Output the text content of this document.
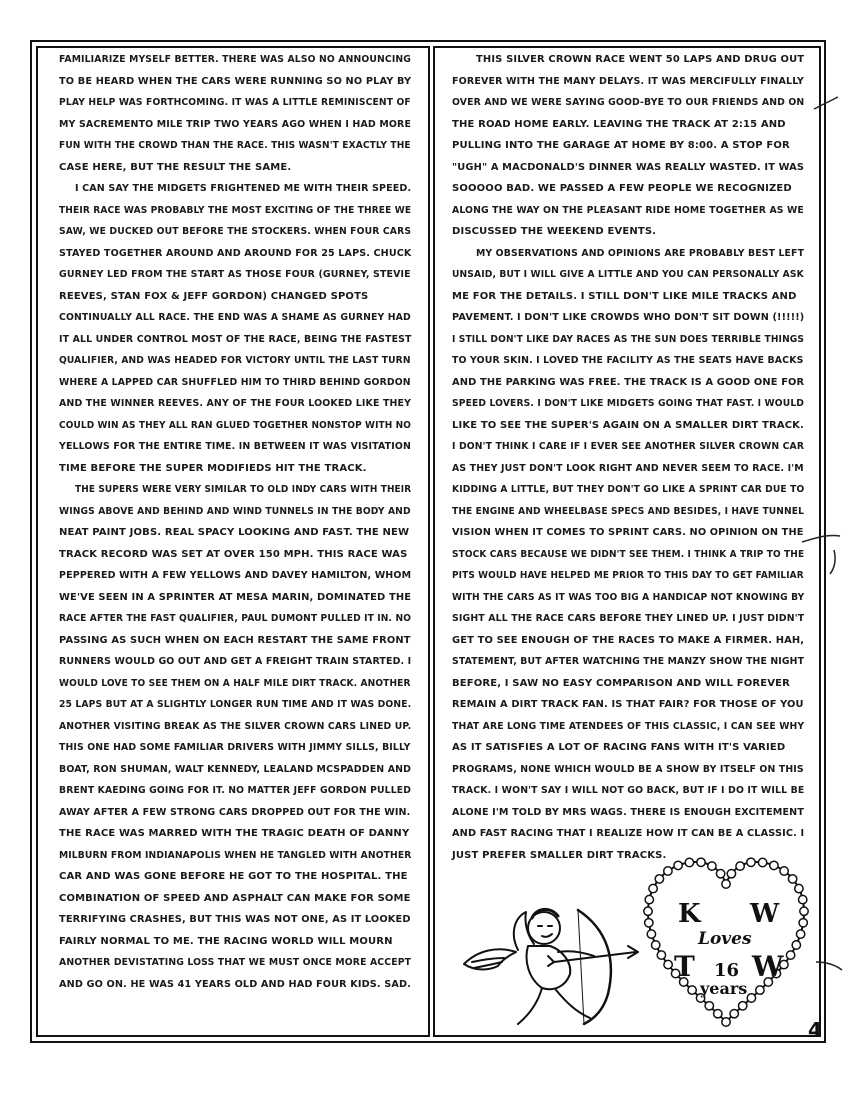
FAMILIARIZE MYSELF BETTER. THERE WAS ALSO NO ANNOUNCING
TO BE HEARD WHEN THE CARS WERE RUNNING SO NO PLAY BY
PLAY HELP WAS FORTHCOMING. IT WAS A LITTLE REMINISCENT OF
MY SACREMENTO MILE TRIP TWO YEARS AGO WHEN I HAD MORE
FUN WITH THE CROWD THAN THE RACE. THIS WASN'T EXACTLY THE
CASE HERE, BUT THE RESULT THE SAME.
I CAN SAY THE MIDGETS FRIGHTENED ME WITH THEIR SPEED.
THEIR RACE WAS PROBABLY THE MOST EXCITING OF THE THREE WE
SAW, WE DUCKED OUT BEFORE THE STOCKERS. WHEN FOUR CARS
STAYED TOGETHER AROUND AND AROUND FOR 25 LAPS. CHUCK
GURNEY LED FROM THE START AS THOSE FOUR (GURNEY, STEVIE
REEVES, STAN FOX & JEFF GORDON) CHANGED SPOTS
CONTINUALLY ALL RACE. THE END WAS A SHAME AS GURNEY HAD
IT ALL UNDER CONTROL MOST OF THE RACE, BEING THE FASTEST
QUALIFIER, AND WAS HEADED FOR VICTORY UNTIL THE LAST TURN
WHERE A LAPPED CAR SHUFFLED HIM TO THIRD BEHIND GORDON
AND THE WINNER REEVES. ANY OF THE FOUR LOOKED LIKE THEY
COULD WIN AS THEY ALL RAN GLUED TOGETHER NONSTOP WITH NO
YELLOWS FOR THE ENTIRE TIME. IN BETWEEN IT WAS VISITATION
TIME BEFORE THE SUPER MODIFIEDS HIT THE TRACK.
THE SUPERS WERE VERY SIMILAR TO OLD INDY CARS WITH THEIR
WINGS ABOVE AND BEHIND AND WIND TUNNELS IN THE BODY AND
NEAT PAINT JOBS. REAL SPACY LOOKING AND FAST. THE NEW
TRACK RECORD WAS SET AT OVER 150 MPH. THIS RACE WAS
PEPPERED WITH A FEW YELLOWS AND DAVEY HAMILTON, WHOM
WE'VE SEEN IN A SPRINTER AT MESA MARIN, DOMINATED THE
RACE AFTER THE FAST QUALIFIER, PAUL DUMONT PULLED IT IN. NO
PASSING AS SUCH WHEN ON EACH RESTART THE SAME FRONT
RUNNERS WOULD GO OUT AND GET A FREIGHT TRAIN STARTED. I
WOULD LOVE TO SEE THEM ON A HALF MILE DIRT TRACK. ANOTHER
25 LAPS BUT AT A SLIGHTLY LONGER RUN TIME AND IT WAS DONE.
ANOTHER VISITING BREAK AS THE SILVER CROWN CARS LINED UP.
THIS ONE HAD SOME FAMILIAR DRIVERS WITH JIMMY SILLS, BILLY
BOAT, RON SHUMAN, WALT KENNEDY, LEALAND MCSPADDEN AND
BRENT KAEDING GOING FOR IT. NO MATTER JEFF GORDON PULLED
AWAY AFTER A FEW STRONG CARS DROPPED OUT FOR THE WIN.
THE RACE WAS MARRED WITH THE TRAGIC DEATH OF DANNY
MILBURN FROM INDIANAPOLIS WHEN HE TANGLED WITH ANOTHER
CAR AND WAS GONE BEFORE HE GOT TO THE HOSPITAL. THE
COMBINATION OF SPEED AND ASPHALT CAN MAKE FOR SOME
TERRIFYING CRASHES, BUT THIS WAS NOT ONE, AS IT LOOKED
FAIRLY NORMAL TO ME. THE RACING WORLD WILL MOURN
ANOTHER DEVISTATING LOSS THAT WE MUST ONCE MORE ACCEPT
AND GO ON. HE WAS 41 YEARS OLD AND HAD FOUR KIDS. SAD.
THIS SILVER CROWN RACE WENT 50 LAPS AND DRUG OUT
FOREVER WITH THE MANY DELAYS. IT WAS MERCIFULLY FINALLY
OVER AND WE WERE SAYING GOOD-BYE TO OUR FRIENDS AND ON
THE ROAD HOME EARLY. LEAVING THE TRACK AT 2:15 AND
PULLING INTO THE GARAGE AT HOME BY 8:00. A STOP FOR
"UGH" A MACDONALD'S DINNER WAS REALLY WASTED. IT WAS
SOOOOO BAD. WE PASSED A FEW PEOPLE WE RECOGNIZED
ALONG THE WAY ON THE PLEASANT RIDE HOME TOGETHER AS WE
DISCUSSED THE WEEKEND EVENTS.
MY OBSERVATIONS AND OPINIONS ARE PROBABLY BEST LEFT
UNSAID, BUT I WILL GIVE A LITTLE AND YOU CAN PERSONALLY ASK
ME FOR THE DETAILS. I STILL DON'T LIKE MILE TRACKS AND
PAVEMENT. I DON'T LIKE CROWDS WHO DON'T SIT DOWN (!!!!!)
I STILL DON'T LIKE DAY RACES AS THE SUN DOES TERRIBLE THINGS
TO YOUR SKIN. I LOVED THE FACILITY AS THE SEATS HAVE BACKS
AND THE PARKING WAS FREE. THE TRACK IS A GOOD ONE FOR
SPEED LOVERS. I DON'T LIKE MIDGETS GOING THAT FAST. I WOULD
LIKE TO SEE THE SUPER'S AGAIN ON A SMALLER DIRT TRACK.
I DON'T THINK I CARE IF I EVER SEE ANOTHER SILVER CROWN CAR
AS THEY JUST DON'T LOOK RIGHT AND NEVER SEEM TO RACE. I'M
KIDDING A LITTLE, BUT THEY DON'T GO LIKE A SPRINT CAR DUE TO
THE ENGINE AND WHEELBASE SPECS AND BESIDES, I HAVE TUNNEL
VISION WHEN IT COMES TO SPRINT CARS. NO OPINION ON THE
STOCK CARS BECAUSE WE DIDN'T SEE THEM. I THINK A TRIP TO THE
PITS WOULD HAVE HELPED ME PRIOR TO THIS DAY TO GET FAMILIAR
WITH THE CARS AS IT WAS TOO BIG A HANDICAP NOT KNOWING BY
SIGHT ALL THE RACE CARS BEFORE THEY LINED UP. I JUST DIDN'T
GET TO SEE ENOUGH OF THE RACES TO MAKE A FIRMER. HAH,
STATEMENT, BUT AFTER WATCHING THE MANZY SHOW THE NIGHT
BEFORE, I SAW NO EASY COMPARISON AND WILL FOREVER
REMAIN A DIRT TRACK FAN. IS THAT FAIR? FOR THOSE OF YOU
THAT ARE LONG TIME ATENDEES OF THIS CLASSIC, I CAN SEE WHY
AS IT SATISFIES A LOT OF RACING FANS WITH IT'S VARIED
PROGRAMS, NONE WHICH WOULD BE A SHOW BY ITSELF ON THIS
TRACK. I WON'T SAY I WILL NOT GO BACK, BUT IF I DO IT WILL BE
ALONE I'M TOLD BY MRS WAGS. THERE IS ENOUGH EXCITEMENT
AND FAST RACING THAT I REALIZE HOW IT CAN BE A CLASSIC. I
JUST PREFER SMALLER DIRT TRACKS.
K W
Loves
T 16 W
years
4
